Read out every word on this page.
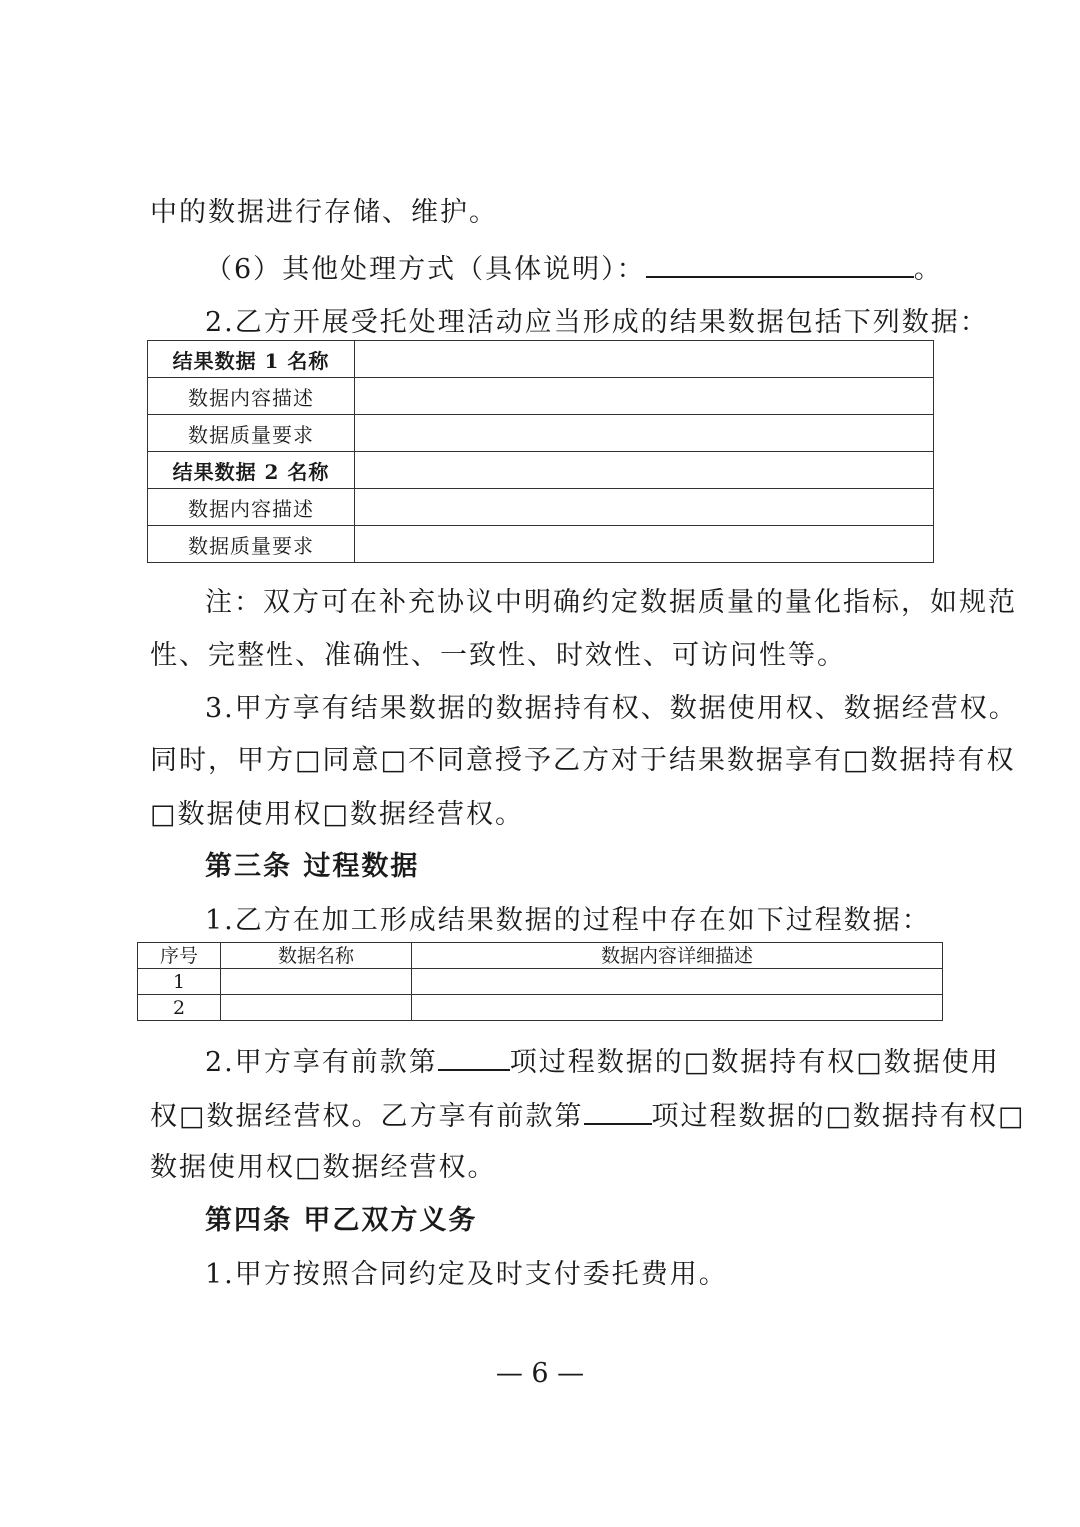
中的数据进行存储、维护。
（6）其他处理方式（具体说明）：	。
2.乙方开展受托处理活动应当形成的结果数据包括下列数据：
结果数据 1 名称	
数据内容描述	
数据质量要求	
结果数据 2 名称	
数据内容描述	
数据质量要求	
注：双方可在补充协议中明确约定数据质量的量化指标，如规范
性、完整性、准确性、一致性、时效性、可访问性等。
3.甲方享有结果数据的数据持有权、数据使用权、数据经营权。
同时，甲方□同意□不同意授予乙方对于结果数据享有□数据持有权
□数据使用权□数据经营权。
第三条 过程数据
1.乙方在加工形成结果数据的过程中存在如下过程数据：
序号	数据名称	数据内容详细描述
1		
2		
2.甲方享有前款第	项过程数据的□数据持有权□数据使用
权□数据经营权。乙方享有前款第	项过程数据的□数据持有权□
数据使用权□数据经营权。
第四条 甲乙双方义务
1.甲方按照合同约定及时支付委托费用。
— 6 —
